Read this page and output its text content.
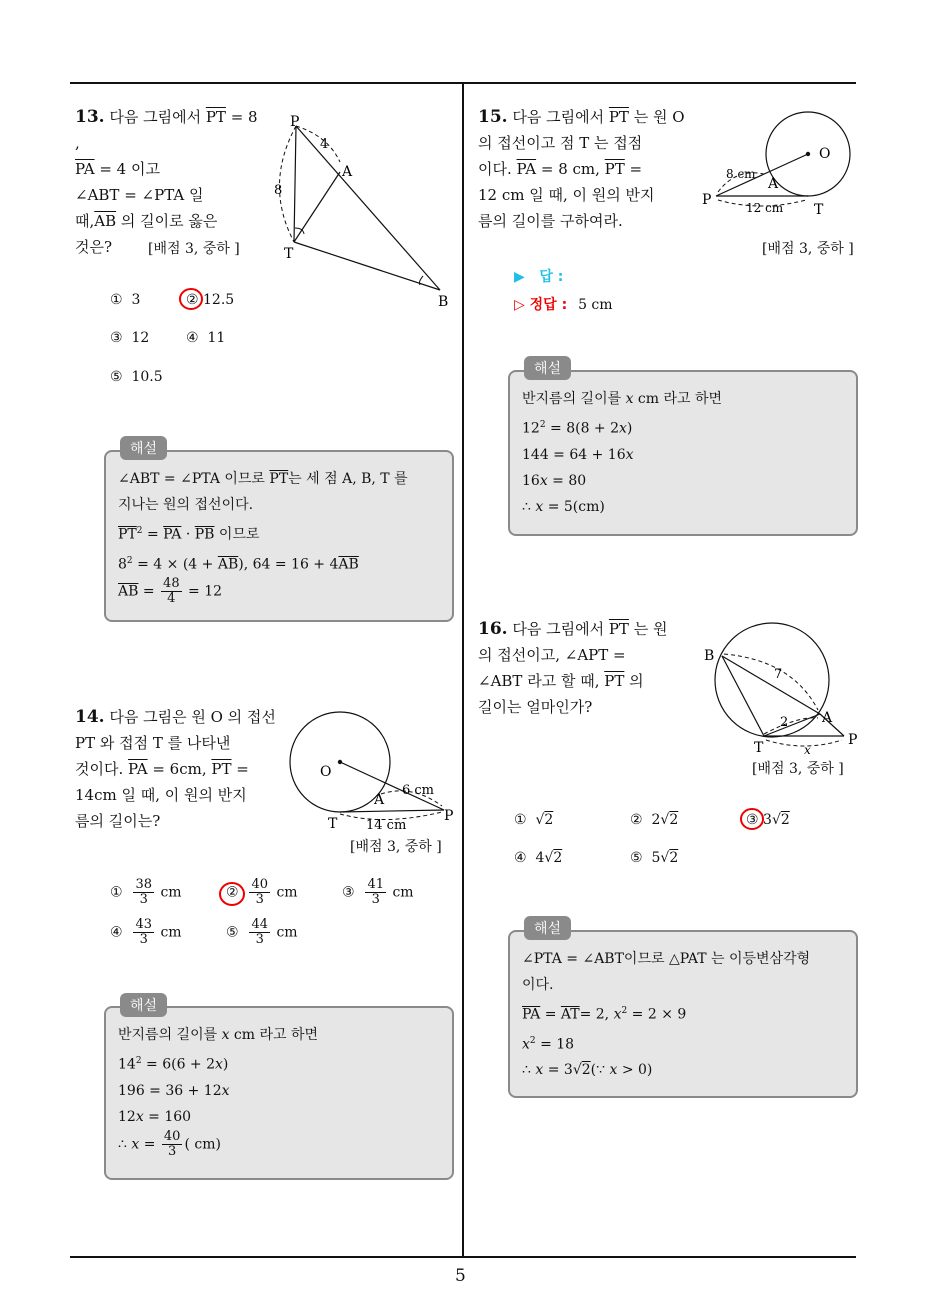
5
13. 다음 그림에서 $\overline{PT} = 8$ ,
$\overline{PA} = 4$ 이고
∠ABT = ∠PTA 일
때$,\overline{AB}$ 의 길이로 옳은
것은?	[배점 3, 중하 ]
P
A
T
B
4
8
① 3	② 12.5
③ 12	④ 11
⑤ 10.5
해설
∠ABT = ∠PTA 이므로 $\overline{PT}$는 세 점 A, B, T 를
지나는 원의 접선이다.
$\overline{PT}^2 = \overline{PA} \cdot \overline{PB}$ 이므로
$8^2 = 4 \times (4 + \overline{AB})$, $64 = 16 + 4\overline{AB}$
$\overline{AB} = \frac{48}{4} = 12$
14. 다음 그림은 원 O 의 접선
PT 와 접점 T 를 나타낸
것이다. $\overline{PA} = 6cm$, $\overline{PT}$ =
14cm 일 때, 이 원의 반지
름의 길이는?
O
A
P
T
6 cm
14 cm
[배점 3, 중하 ]
① $\frac{38}{3}$ cm	② $\frac{40}{3}$ cm	③ $\frac{41}{3}$ cm
④ $\frac{43}{3}$ cm	⑤ $\frac{44}{3}$ cm
해설
반지름의 길이를 x cm 라고 하면
$14^2 = 6(6 + 2x)$
196 = 36 + 12x
12x = 160
∴ $x = \frac{40}{3}$ ( cm)
15. 다음 그림에서 $\overline{PT}$ 는 원 O
의 접선이고 점 T 는 접점
이다. $\overline{PA} = 8$ cm, $\overline{PT}$ =
12 cm 일 때, 이 원의 반지
름의 길이를 구하여라.
O
A
P
T
8 cm
12 cm
[배점 3, 중하 ]
▶ 답 :
▷ 정답 : 5 cm
해설
반지름의 길이를 x cm 라고 하면
$12^2 = 8(8 + 2x)$
144 = 64 + 16x
16x = 80
∴ x = 5(cm)
16. 다음 그림에서 $\overline{PT}$ 는 원
의 접선이고, ∠APT =
∠ABT 라고 할 때, $\overline{PT}$ 의
길이는 얼마인가?
B
A
T	P
7
2
x
[배점 3, 중하 ]
① √2	② 2√2	③ 3√2
④ 4√2	⑤ 5√2
해설
∠PTA = ∠ABT이므로 △PAT 는 이등변삼각형
이다.
$\overline{PA} = \overline{AT}= 2$, $x^2 = 2 \times 9$
$x^2 = 18$
∴ x = 3√2(∵ x > 0)
